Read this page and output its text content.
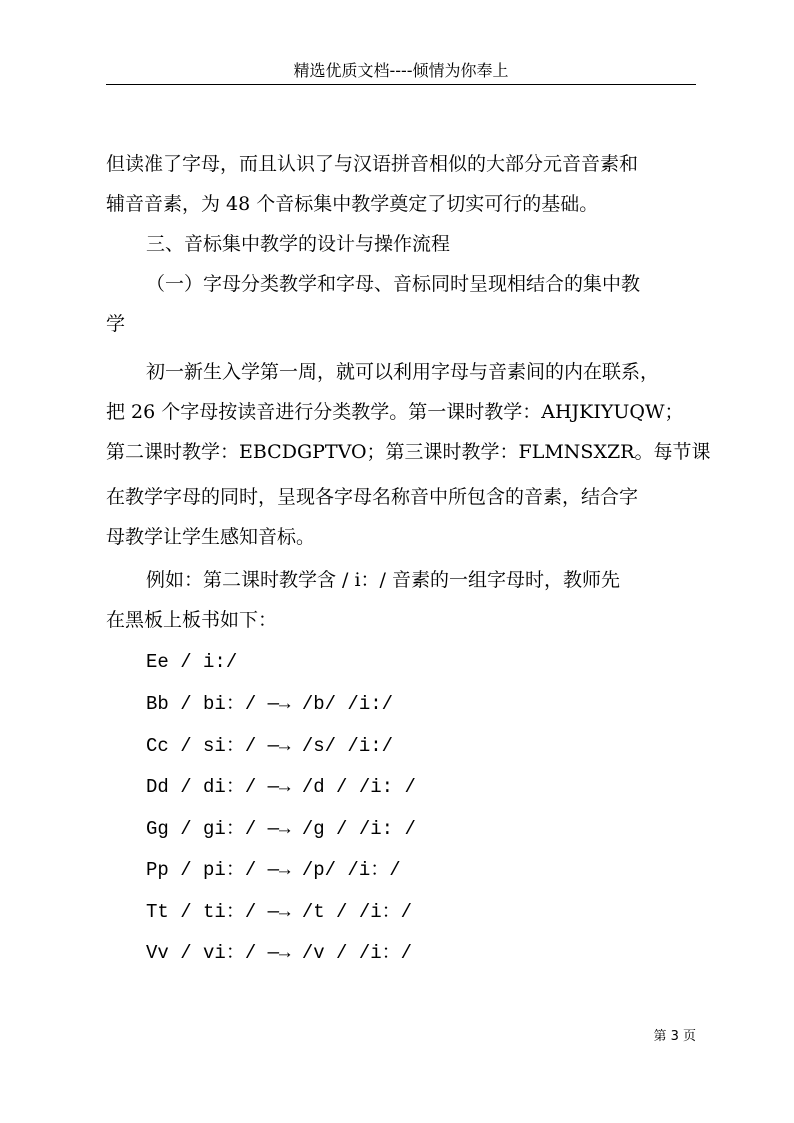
精选优质文档----倾情为你奉上
但读准了字母，而且认识了与汉语拼音相似的大部分元音音素和
辅音音素，为 48 个音标集中教学奠定了切实可行的基础。
三、音标集中教学的设计与操作流程
（一）字母分类教学和字母、音标同时呈现相结合的集中教
学
初一新生入学第一周，就可以利用字母与音素间的内在联系，
把 26 个字母按读音进行分类教学。第一课时教学：AHJKIYUQW；
第二课时教学：EBCDGPTVO；第三课时教学：FLMNSXZR。每节课
在教学字母的同时，呈现各字母名称音中所包含的音素，结合字
母教学让学生感知音标。
例如：第二课时教学含 / i：/ 音素的一组字母时，教师先
在黑板上板书如下：
Ee / i:/
Bb / bi：/ —→ /b/ /i:/
Cc / si：/ —→ /s/ /i:/
Dd / di：/ —→ /d / /i: /
Gg / gi：/ —→ /g / /i: /
Pp / pi：/ —→ /p/ /i：/
Tt / ti：/ —→ /t / /i：/
Vv / vi：/ —→ /v / /i：/
第 3 页
